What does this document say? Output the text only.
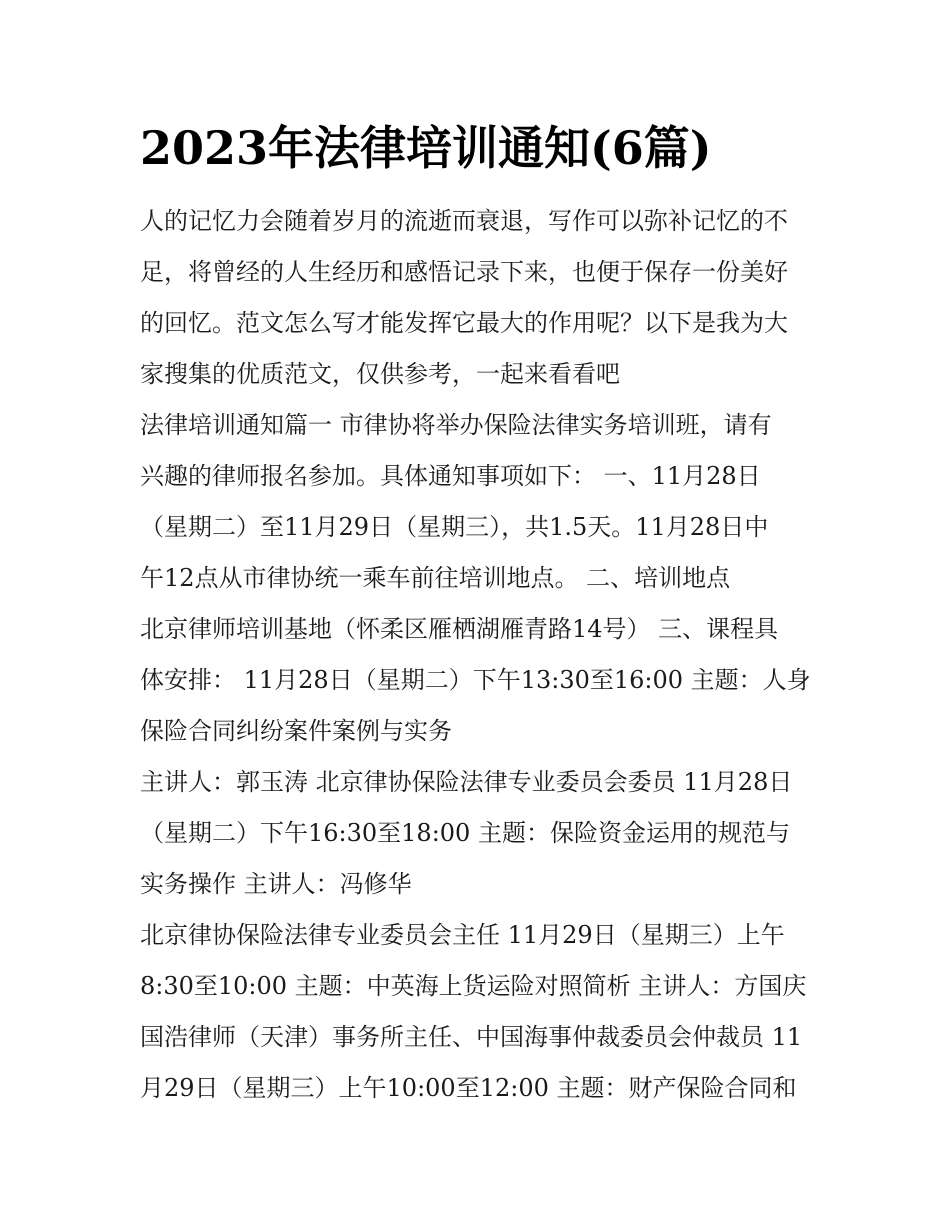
2023年法律培训通知(6篇)

人的记忆力会随着岁月的流逝而衰退，写作可以弥补记忆的不

足，将曾经的人生经历和感悟记录下来，也便于保存一份美好

的回忆。范文怎么写才能发挥它最大的作用呢？以下是我为大

家搜集的优质范文，仅供参考，一起来看看吧

法律培训通知篇一 市律协将举办保险法律实务培训班，请有

兴趣的律师报名参加。具体通知事项如下： 一、11月28日

（星期二）至11月29日（星期三），共1.5天。11月28日中

午12点从市律协统一乘车前往培训地点。 二、培训地点

北京律师培训基地（怀柔区雁栖湖雁青路14号） 三、课程具

体安排： 11月28日（星期二）下午13:30至16:00 主题：人身

保险合同纠纷案件案例与实务

主讲人：郭玉涛 北京律协保险法律专业委员会委员 11月28日

（星期二）下午16:30至18:00 主题：保险资金运用的规范与

实务操作 主讲人：冯修华

北京律协保险法律专业委员会主任 11月29日（星期三）上午

8:30至10:00 主题：中英海上货运险对照简析 主讲人：方国庆

国浩律师（天津）事务所主任、中国海事仲裁委员会仲裁员 11

月29日（星期三）上午10:00至12:00 主题：财产保险合同和
